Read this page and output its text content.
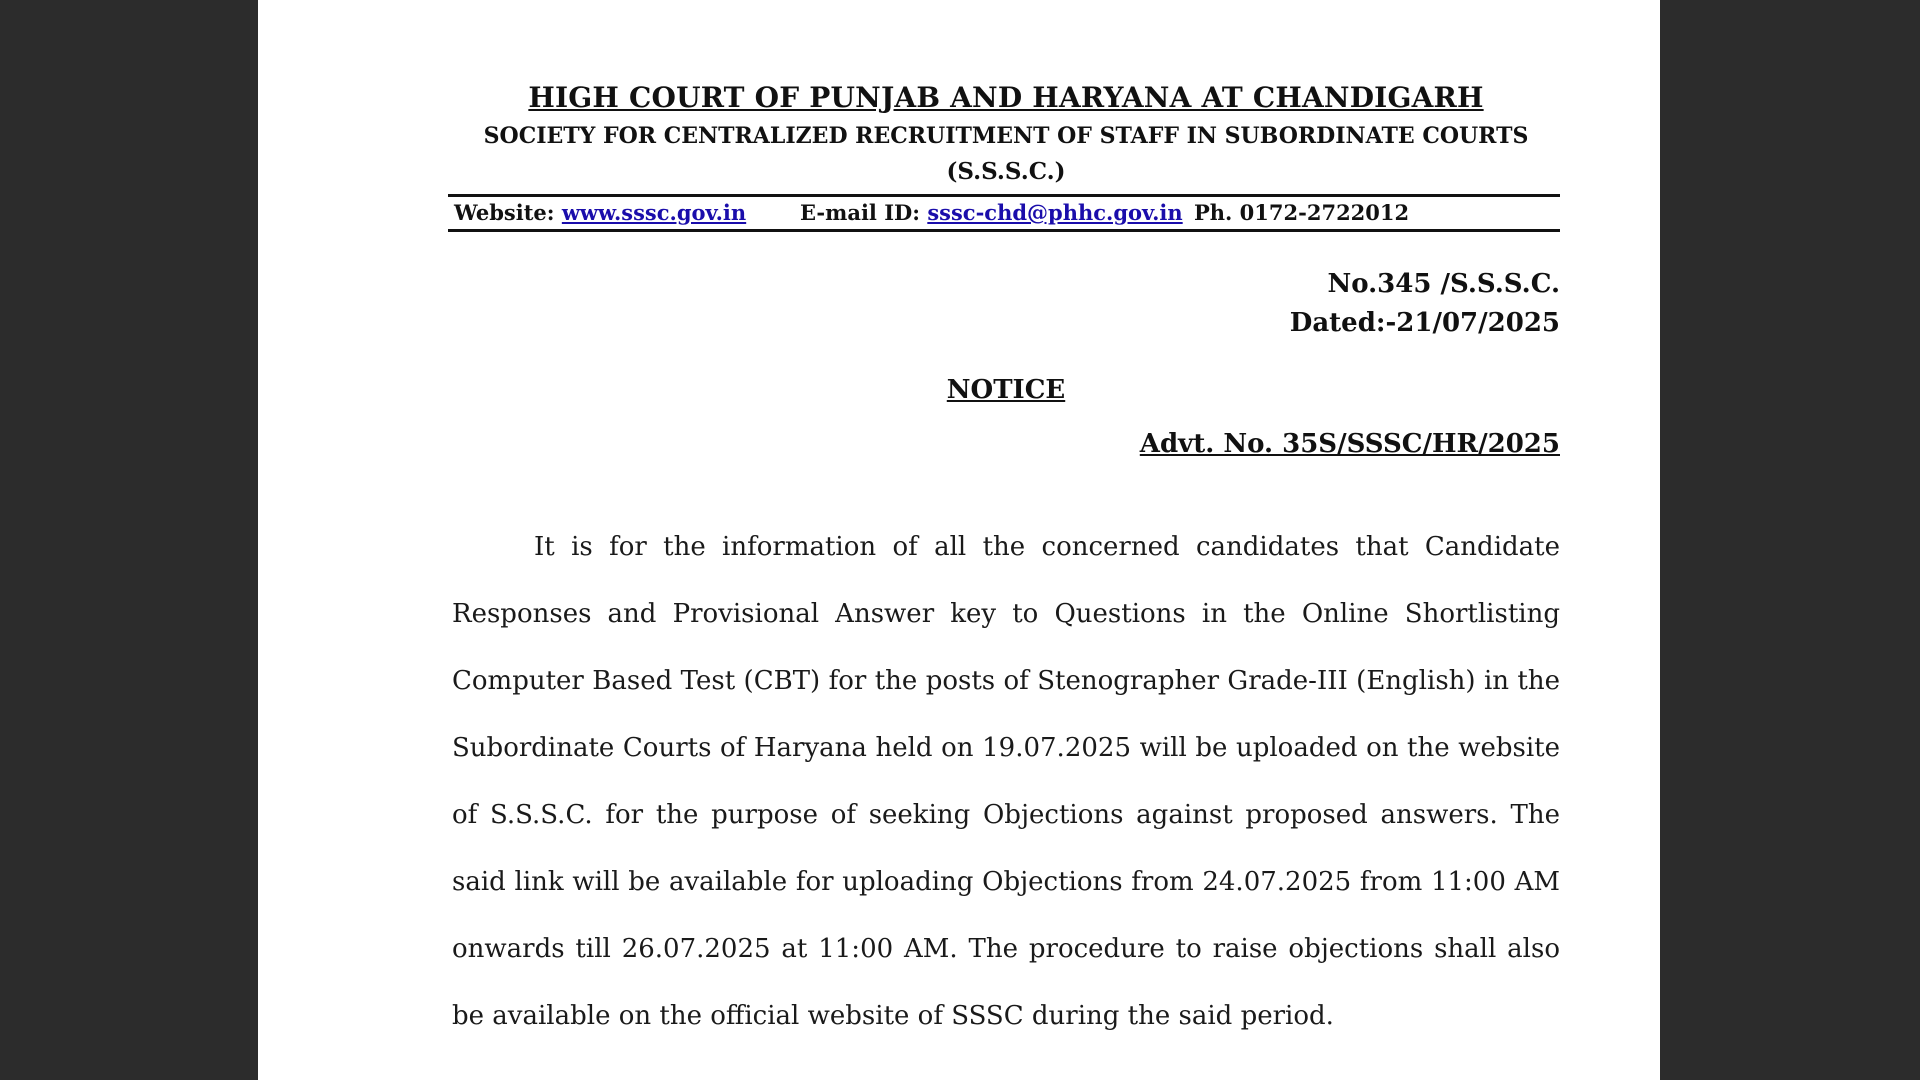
HIGH COURT OF PUNJAB AND HARYANA AT CHANDIGARH
SOCIETY FOR CENTRALIZED RECRUITMENT OF STAFF IN SUBORDINATE COURTS
(S.S.S.C.)
Website: www.sssc.gov.in	E-mail ID: sssc-chd@phhc.gov.in Ph. 0172-2722012
No.345 /S.S.S.C.
Dated:-21/07/2025
NOTICE
Advt. No. 35S/SSSC/HR/2025

It is for the information of all the concerned candidates that Candidate Responses and Provisional Answer key to Questions in the Online Shortlisting Computer Based Test (CBT) for the posts of Stenographer Grade-III (English) in the Subordinate Courts of Haryana held on 19.07.2025 will be uploaded on the website of S.S.S.C. for the purpose of seeking Objections against proposed answers. The said link will be available for uploading Objections from 24.07.2025 from 11:00 AM onwards till 26.07.2025 at 11:00 AM. The procedure to raise objections shall also be available on the official website of SSSC during the said period.
